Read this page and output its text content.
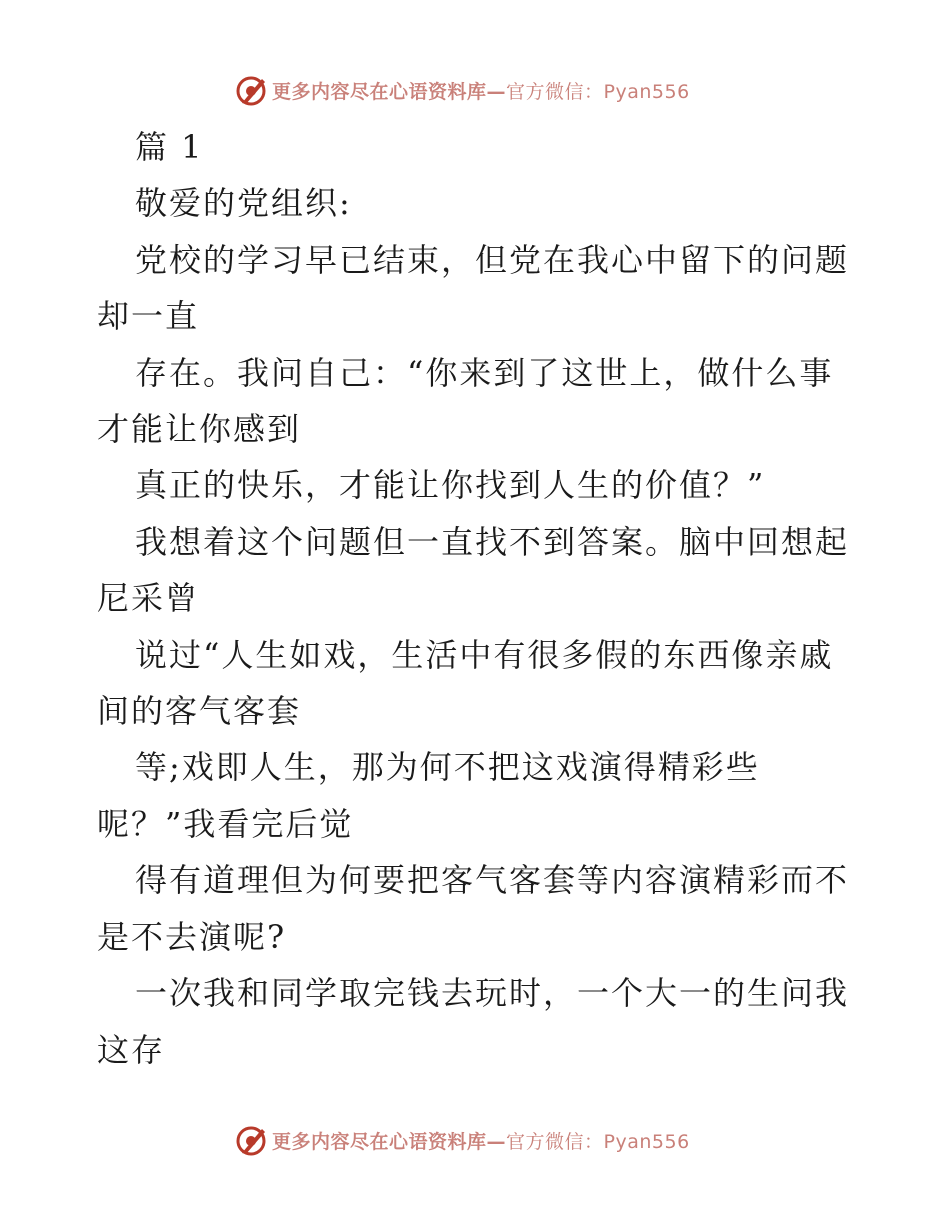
更多内容尽在心语资料库—官方微信：Pyan556

篇 1

敬爱的党组织:

党校的学习早已结束，但党在我心中留下的问题

却一直

存在。我问自己：“你来到了这世上，做什么事

才能让你感到

真正的快乐，才能让你找到人生的价值？”

我想着这个问题但一直找不到答案。脑中回想起

尼采曾

说过“人生如戏，生活中有很多假的东西像亲戚

间的客气客套

等;戏即人生，那为何不把这戏演得精彩些

呢？”我看完后觉

得有道理但为何要把客气客套等内容演精彩而不

是不去演呢?

一次我和同学取完钱去玩时，一个大一的生问我

这存

更多内容尽在心语资料库—官方微信：Pyan556
